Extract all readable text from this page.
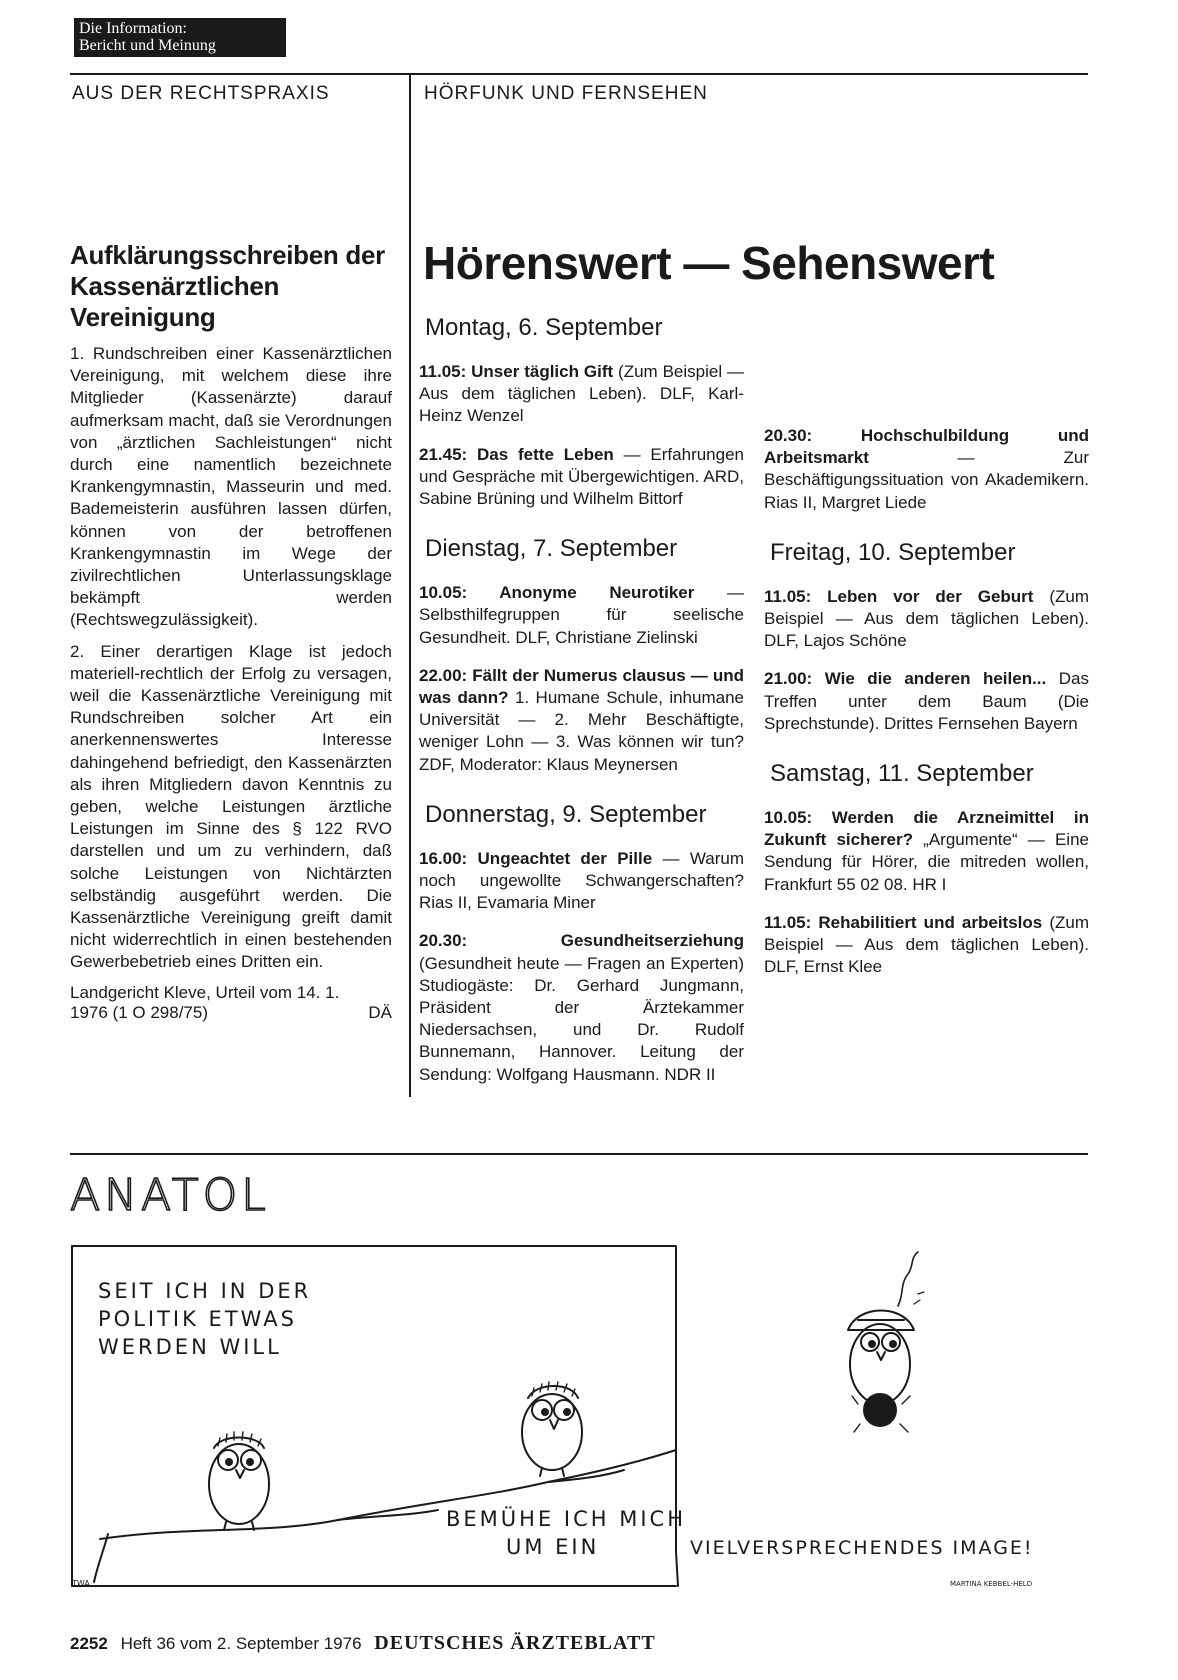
Die Information:
Bericht und Meinung
AUS DER RECHTSPRAXIS	HÖRFUNK UND FERNSEHEN
Aufklärungsschreiben der Kassenärztlichen Vereinigung

1. Rundschreiben einer Kassenärztlichen Vereinigung, mit welchem diese ihre Mitglieder (Kassenärzte) darauf aufmerksam macht, daß sie Verordnungen von „ärztlichen Sachleistungen“ nicht durch eine namentlich bezeichnete Krankengymnastin, Masseurin und med. Bademeisterin ausführen lassen dürfen, können von der betroffenen Krankengymnastin im Wege der zivilrechtlichen Unterlassungsklage bekämpft werden (Rechtswegzulässigkeit).

2. Einer derartigen Klage ist jedoch materiell-rechtlich der Erfolg zu versagen, weil die Kassenärztliche Vereinigung mit Rundschreiben solcher Art ein anerkennenswertes Interesse dahingehend befriedigt, den Kassenärzten als ihren Mitgliedern davon Kenntnis zu geben, welche Leistungen ärztliche Leistungen im Sinne des § 122 RVO darstellen und um zu verhindern, daß solche Leistungen von Nichtärzten selbständig ausgeführt werden. Die Kassenärztliche Vereinigung greift damit nicht widerrechtlich in einen bestehenden Gewerbebetrieb eines Dritten ein.

Landgericht Kleve, Urteil vom 14. 1.
1976 (1 O 298/75)	DÄ
Hörenswert — Sehenswert
Montag, 6. September
11.05: Unser täglich Gift (Zum Beispiel — Aus dem täglichen Leben). DLF, Karl-Heinz Wenzel
21.45: Das fette Leben — Erfahrungen und Gespräche mit Übergewichtigen. ARD, Sabine Brüning und Wilhelm Bittorf
Dienstag, 7. September
10.05: Anonyme Neurotiker — Selbsthilfegruppen für seelische Gesundheit. DLF, Christiane Zielinski
22.00: Fällt der Numerus clausus — und was dann? 1. Humane Schule, inhumane Universität — 2. Mehr Beschäftigte, weniger Lohn — 3. Was können wir tun? ZDF, Moderator: Klaus Meynersen
Donnerstag, 9. September
16.00: Ungeachtet der Pille — Warum noch ungewollte Schwangerschaften? Rias II, Evamaria Miner
20.30: Gesundheitserziehung (Gesundheit heute — Fragen an Experten) Studiogäste: Dr. Gerhard Jungmann, Präsident der Ärztekammer Niedersachsen, und Dr. Rudolf Bunnemann, Hannover. Leitung der Sendung: Wolfgang Hausmann. NDR II
20.30: Hochschulbildung und Arbeitsmarkt — Zur Beschäftigungssituation von Akademikern. Rias II, Margret Liede
Freitag, 10. September
11.05: Leben vor der Geburt (Zum Beispiel — Aus dem täglichen Leben). DLF, Lajos Schöne
21.00: Wie die anderen heilen... Das Treffen unter dem Baum (Die Sprechstunde). Drittes Fernsehen Bayern
Samstag, 11. September
10.05: Werden die Arzneimittel in Zukunft sicherer? „Argumente“ — Eine Sendung für Hörer, die mitreden wollen, Frankfurt 55 02 08. HR I
11.05: Rehabilitiert und arbeitslos (Zum Beispiel — Aus dem täglichen Leben). DLF, Ernst Klee
ANATOL
SEIT ICH IN DER
POLITIK ETWAS
WERDEN WILL
BEMÜHE ICH MICH
UM EIN	VIELVERSPRECHENDES IMAGE!
TWA	MARTINA KEBBEL-HELD
2252 Heft 36 vom 2. September 1976 DEUTSCHES ÄRZTEBLATT
